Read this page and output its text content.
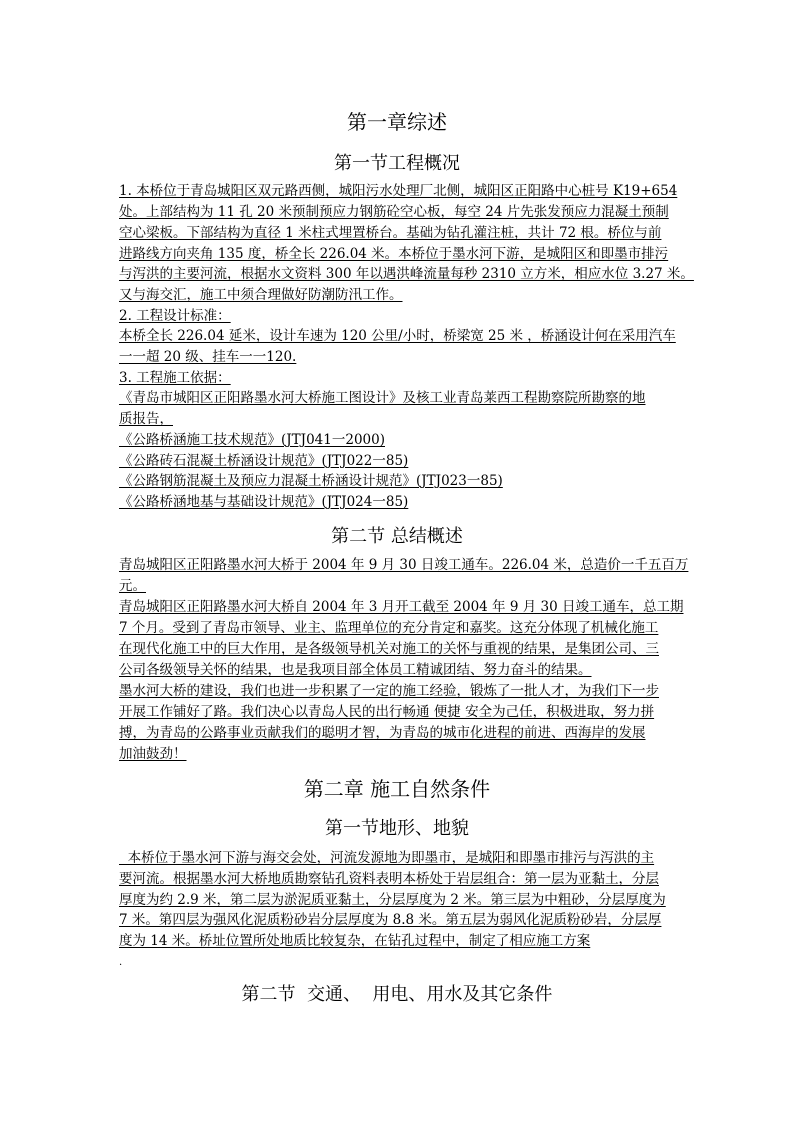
第一章综述
第一节工程概况
1. 本桥位于青岛城阳区双元路西侧，城阳污水处理厂北侧，城阳区正阳路中心桩号 K19+654
处。上部结构为 11 孔 20 米预制预应力钢筋砼空心板，每空 24 片先张发预应力混凝土预制
空心梁板。下部结构为直径 1 米柱式埋置桥台。基础为钻孔灌注桩，共计 72 根。桥位与前
进路线方向夹角 135 度，桥全长 226.04 米。本桥位于墨水河下游，是城阳区和即墨市排污
与泻洪的主要河流，根据水文资料 300 年以遇洪峰流量每秒 2310 立方米，相应水位 3.27 米。
又与海交汇，施工中须合理做好防潮防汛工作。
2. 工程设计标准：
本桥全长 226.04 延米，设计车速为 120 公里/小时，桥梁宽 25 米 ，桥涵设计何在采用汽车
一一超 20 级、挂车一一120.
3. 工程施工依据：
《青岛市城阳区正阳路墨水河大桥施工图设计》及核工业青岛莱西工程勘察院所勘察的地
质报告，
《公路桥涵施工技术规范》(JTJ041一2000)
《公路砖石混凝土桥涵设计规范》(JTJ022一85)
《公路钢筋混凝土及预应力混凝土桥涵设计规范》(JTJ023一85)
《公路桥涵地基与基础设计规范》(JTJ024一85)
第二节 总结概述
青岛城阳区正阳路墨水河大桥于 2004 年 9 月 30 日竣工通车。226.04 米，总造价一千五百万
元。
青岛城阳区正阳路墨水河大桥自 2004 年 3 月开工截至 2004 年 9 月 30 日竣工通车，总工期
7 个月。受到了青岛市领导、业主、监理单位的充分肯定和嘉奖。这充分体现了机械化施工
在现代化施工中的巨大作用，是各级领导机关对施工的关怀与重视的结果，是集团公司、三
公司各级领导关怀的结果，也是我项目部全体员工精诚团结、努力奋斗的结果。
墨水河大桥的建设，我们也进一步积累了一定的施工经验，锻炼了一批人才，为我们下一步
开展工作铺好了路。我们决心以青岛人民的出行畅通 便捷 安全为己任，积极进取，努力拼
搏，为青岛的公路事业贡献我们的聪明才智，为青岛的城市化进程的前进、西海岸的发展
加油鼓劲！
第二章 施工自然条件
第一节地形、地貌
本桥位于墨水河下游与海交会处，河流发源地为即墨市，是城阳和即墨市排污与泻洪的主
要河流。根据墨水河大桥地质勘察钻孔资料表明本桥处于岩层组合：第一层为亚黏土，分层
厚度为约 2.9 米，第二层为淤泥质亚黏土，分层厚度为 2 米。第三层为中粗砂，分层厚度为
7 米。第四层为强风化泥质粉砂岩分层厚度为 8.8 米。第五层为弱风化泥质粉砂岩，分层厚
度为 14 米。桥址位置所处地质比较复杂，在钻孔过程中，制定了相应施工方案
.
第二节  交通、  用电、用水及其它条件
